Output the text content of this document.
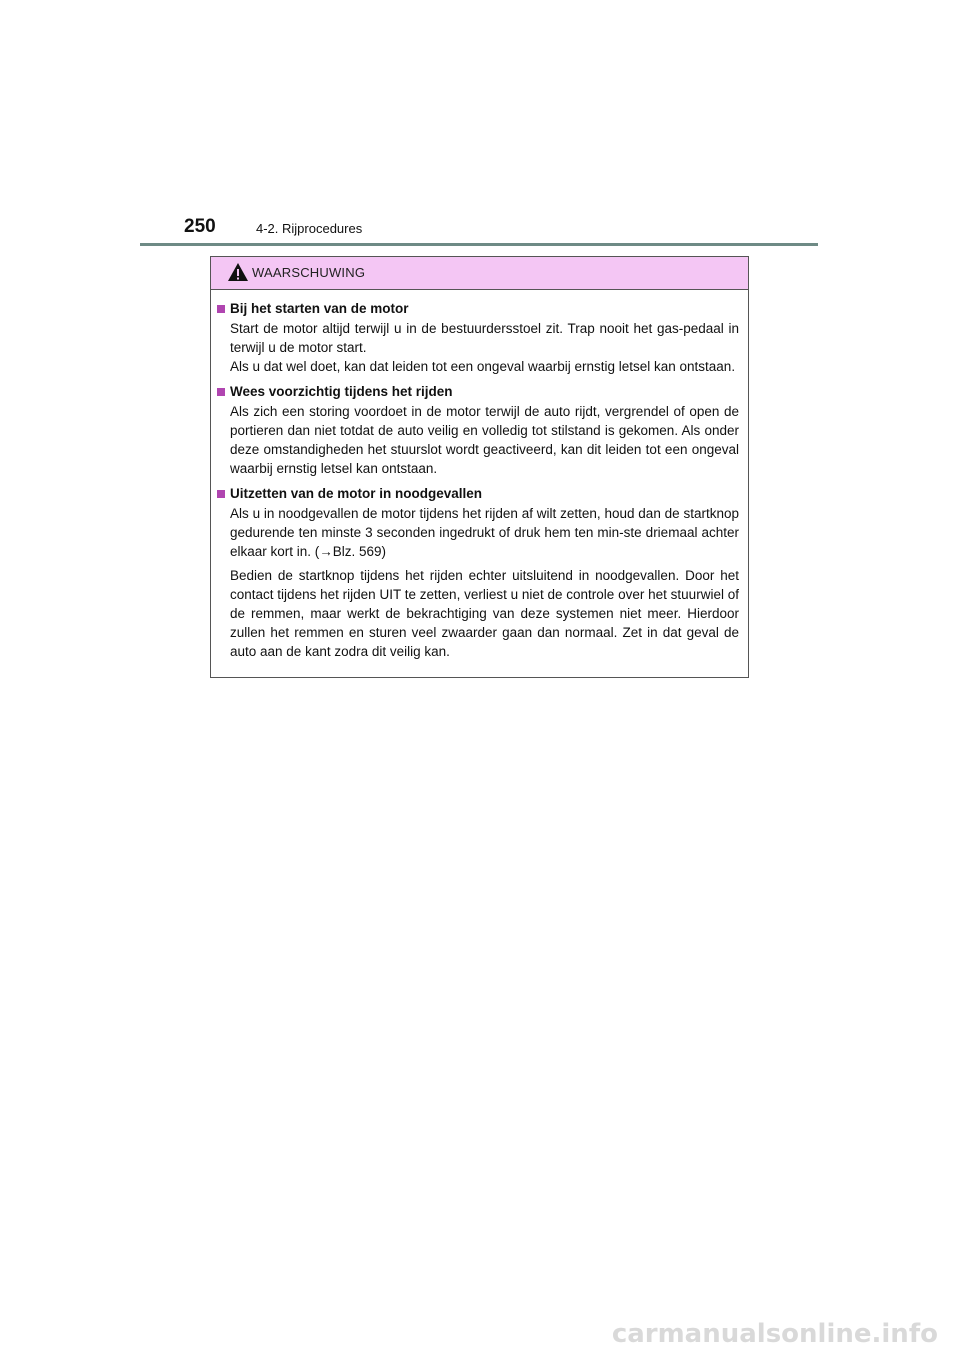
250	4-2. Rijprocedures
WAARSCHUWING
Bij het starten van de motor
Start de motor altijd terwijl u in de bestuurdersstoel zit. Trap nooit het gas-pedaal in terwijl u de motor start.
Als u dat wel doet, kan dat leiden tot een ongeval waarbij ernstig letsel kan ontstaan.
Wees voorzichtig tijdens het rijden
Als zich een storing voordoet in de motor terwijl de auto rijdt, vergrendel of open de portieren dan niet totdat de auto veilig en volledig tot stilstand is gekomen. Als onder deze omstandigheden het stuurslot wordt geactiveerd, kan dit leiden tot een ongeval waarbij ernstig letsel kan ontstaan.
Uitzetten van de motor in noodgevallen
Als u in noodgevallen de motor tijdens het rijden af wilt zetten, houd dan de startknop gedurende ten minste 3 seconden ingedrukt of druk hem ten min-ste driemaal achter elkaar kort in. (→Blz. 569)
Bedien de startknop tijdens het rijden echter uitsluitend in noodgevallen. Door het contact tijdens het rijden UIT te zetten, verliest u niet de controle over het stuurwiel of de remmen, maar werkt de bekrachtiging van deze systemen niet meer. Hierdoor zullen het remmen en sturen veel zwaarder gaan dan normaal. Zet in dat geval de auto aan de kant zodra dit veilig kan.
carmanualsonline.info
